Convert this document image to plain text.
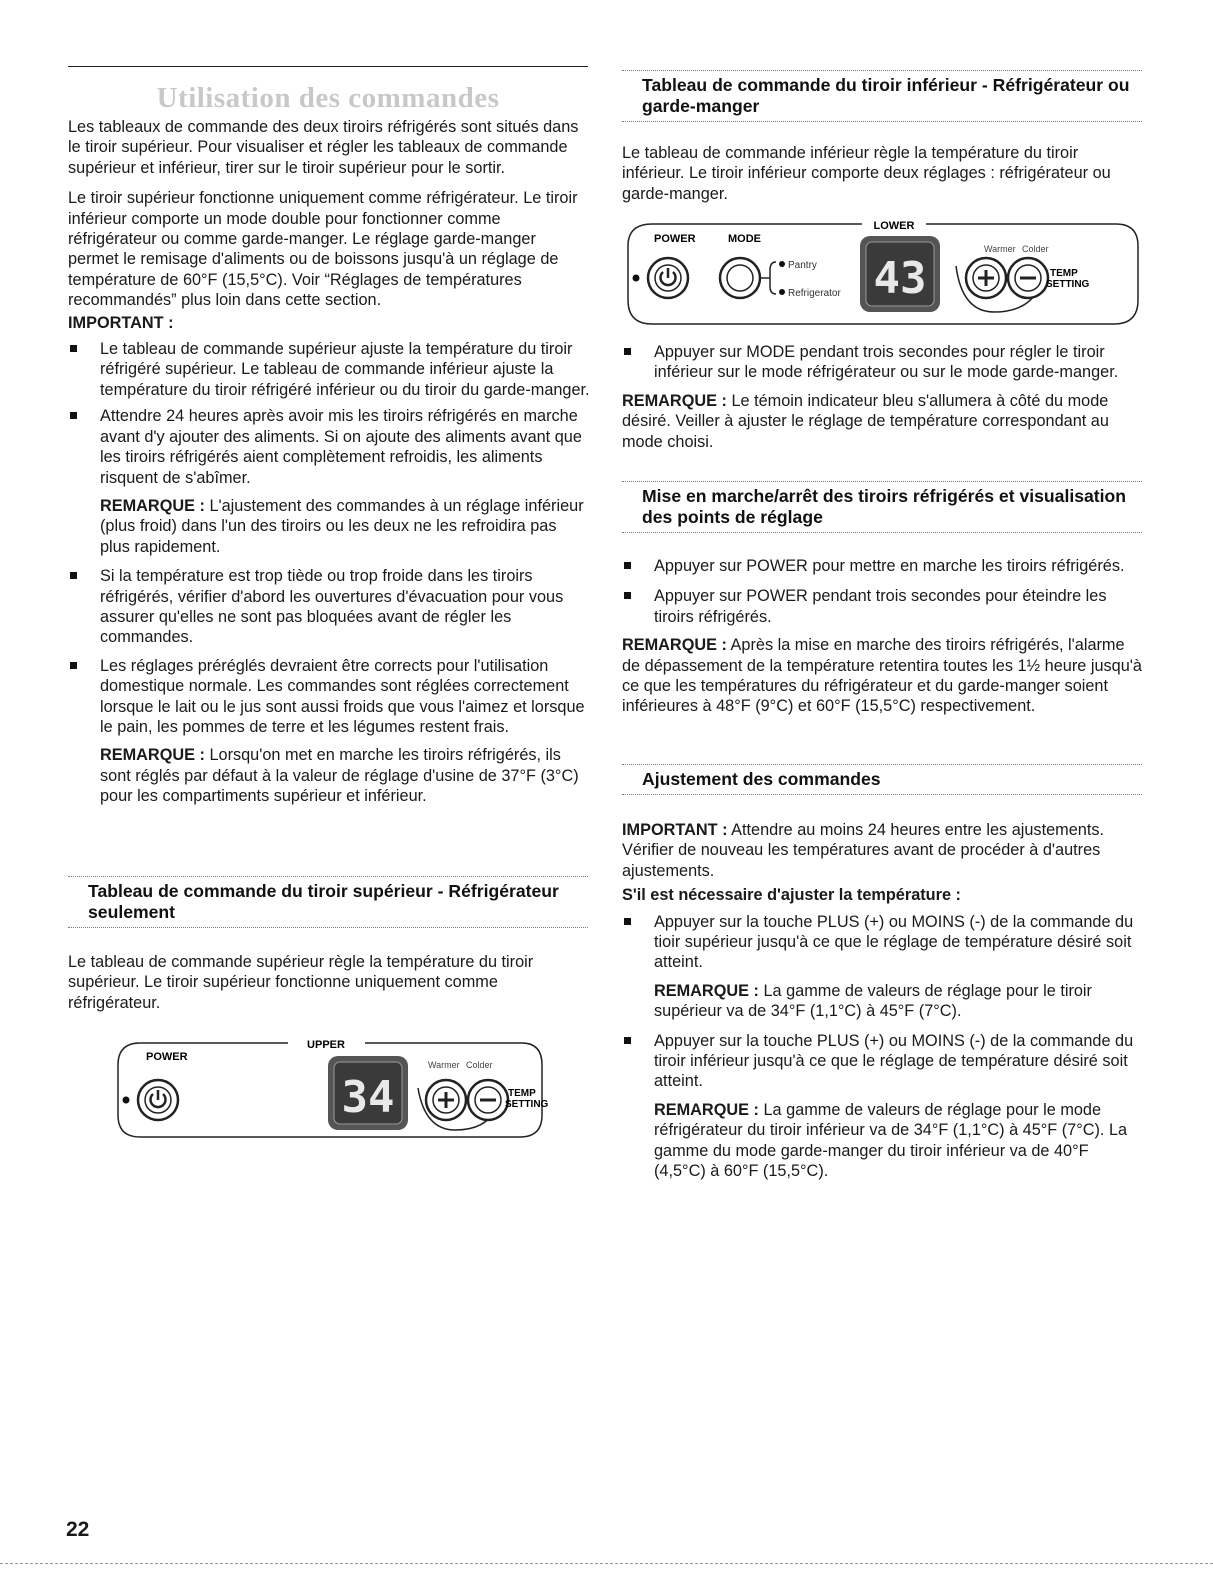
Utilisation des commandes

Les tableaux de commande des deux tiroirs réfrigérés sont situés dans le tiroir supérieur. Pour visualiser et régler les tableaux de commande supérieur et inférieur, tirer sur le tiroir supérieur pour le sortir.

Le tiroir supérieur fonctionne uniquement comme réfrigérateur. Le tiroir inférieur comporte un mode double pour fonctionner comme réfrigérateur ou comme garde-manger. Le réglage garde-manger permet le remisage d'aliments ou de boissons jusqu'à un réglage de température de 60°F (15,5°C). Voir “Réglages de températures recommandés” plus loin dans cette section.

IMPORTANT :

Le tableau de commande supérieur ajuste la température du tiroir réfrigéré supérieur. Le tableau de commande inférieur ajuste la température du tiroir réfrigéré inférieur ou du tiroir du garde-manger.

Attendre 24 heures après avoir mis les tiroirs réfrigérés en marche avant d'y ajouter des aliments. Si on ajoute des aliments avant que les tiroirs réfrigérés aient complètement refroidis, les aliments risquent de s'abîmer.

REMARQUE : L'ajustement des commandes à un réglage inférieur (plus froid) dans l'un des tiroirs ou les deux ne les refroidira pas plus rapidement.

Si la température est trop tiède ou trop froide dans les tiroirs réfrigérés, vérifier d'abord les ouvertures d'évacuation pour vous assurer qu'elles ne sont pas bloquées avant de régler les commandes.

Les réglages préréglés devraient être corrects pour l'utilisation domestique normale. Les commandes sont réglées correctement lorsque le lait ou le jus sont aussi froids que vous l'aimez et lorsque le pain, les pommes de terre et les légumes restent frais.

REMARQUE : Lorsqu'on met en marche les tiroirs réfrigérés, ils sont réglés par défaut à la valeur de réglage d'usine de 37°F (3°C) pour les compartiments supérieur et inférieur.

Tableau de commande du tiroir supérieur - Réfrigérateur seulement

Le tableau de commande supérieur règle la température du tiroir supérieur. Le tiroir supérieur fonctionne uniquement comme réfrigérateur.

UPPER
POWER
34
Warmer Colder
TEMP
SETTING
22
Tableau de commande du tiroir inférieur - Réfrigérateur ou garde-manger

Le tableau de commande inférieur règle la température du tiroir inférieur. Le tiroir inférieur comporte deux réglages : réfrigérateur ou garde-manger.

LOWER
POWER	MODE
Pantry
Refrigerator 43
Warmer Colder
TEMP
SETTING

Appuyer sur MODE pendant trois secondes pour régler le tiroir inférieur sur le mode réfrigérateur ou sur le mode garde-manger.

REMARQUE : Le témoin indicateur bleu s'allumera à côté du mode désiré. Veiller à ajuster le réglage de température correspondant au mode choisi.

Mise en marche/arrêt des tiroirs réfrigérés et visualisation des points de réglage

Appuyer sur POWER pour mettre en marche les tiroirs réfrigérés.

Appuyer sur POWER pendant trois secondes pour éteindre les tiroirs réfrigérés.

REMARQUE : Après la mise en marche des tiroirs réfrigérés, l'alarme de dépassement de la température retentira toutes les 1½ heure jusqu'à ce que les températures du réfrigérateur et du garde-manger soient inférieures à 48°F (9°C) et 60°F (15,5°C) respectivement.

Ajustement des commandes

IMPORTANT : Attendre au moins 24 heures entre les ajustements. Vérifier de nouveau les températures avant de procéder à d'autres ajustements.

S'il est nécessaire d'ajuster la température :

Appuyer sur la touche PLUS (+) ou MOINS (-) de la commande du tioir supérieur jusqu'à ce que le réglage de température désiré soit atteint.

REMARQUE : La gamme de valeurs de réglage pour le tiroir supérieur va de 34°F (1,1°C) à 45°F (7°C).

Appuyer sur la touche PLUS (+) ou MOINS (-) de la commande du tiroir inférieur jusqu'à ce que le réglage de température désiré soit atteint.

REMARQUE : La gamme de valeurs de réglage pour le mode réfrigérateur du tiroir inférieur va de 34°F (1,1°C) à 45°F (7°C). La gamme du mode garde-manger du tiroir inférieur va de 40°F (4,5°C) à 60°F (15,5°C).
